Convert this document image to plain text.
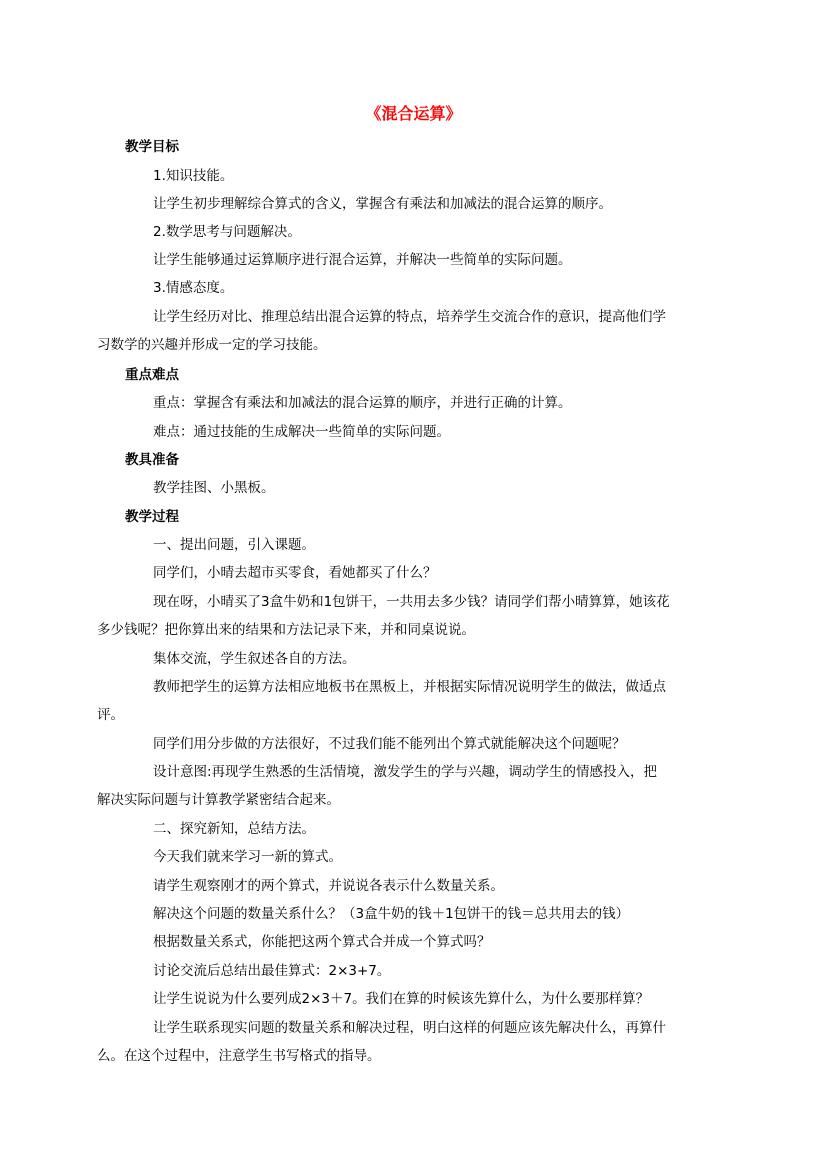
《混合运算》
教学目标

1.知识技能。

让学生初步理解综合算式的含义，掌握含有乘法和加减法的混合运算的顺序。

2.数学思考与问题解决。

让学生能够通过运算顺序进行混合运算，并解决一些简单的实际问题。

3.情感态度。

让学生经历对比、推理总结出混合运算的特点，培养学生交流合作的意识，提高他们学
习数学的兴趣并形成一定的学习技能。

重点难点

重点：掌握含有乘法和加减法的混合运算的顺序，并进行正确的计算。

难点：通过技能的生成解决一些简单的实际问题。

教具准备

教学挂图、小黑板。

教学过程

一、提出问题，引入课题。

同学们，小晴去超市买零食，看她都买了什么？

现在呀，小晴买了3盒牛奶和1包饼干，一共用去多少钱？请同学们帮小晴算算，她该花
多少钱呢？把你算出来的结果和方法记录下来，并和同桌说说。

集体交流，学生叙述各自的方法。

教师把学生的运算方法相应地板书在黑板上，并根据实际情况说明学生的做法，做适点
评。

同学们用分步做的方法很好，不过我们能不能列出个算式就能解决这个问题呢？

设计意图:再现学生熟悉的生活情境，激发学生的学与兴趣，调动学生的情感投入，把
解决实际问题与计算教学紧密结合起来。

二、探究新知，总结方法。

今天我们就来学习一新的算式。

请学生观察刚才的两个算式，并说说各表示什么数量关系。

解决这个问题的数量关系什么？（3盒牛奶的钱＋1包饼干的钱＝总共用去的钱）

根据数量关系式，你能把这两个算式合并成一个算式吗？

讨论交流后总结出最佳算式：2×3+7。

让学生说说为什么要列成2×3＋7。我们在算的时候该先算什么，为什么要那样算？

让学生联系现实问题的数量关系和解决过程，明白这样的何题应该先解决什么，再算什
么。在这个过程中，注意学生书写格式的指导。
